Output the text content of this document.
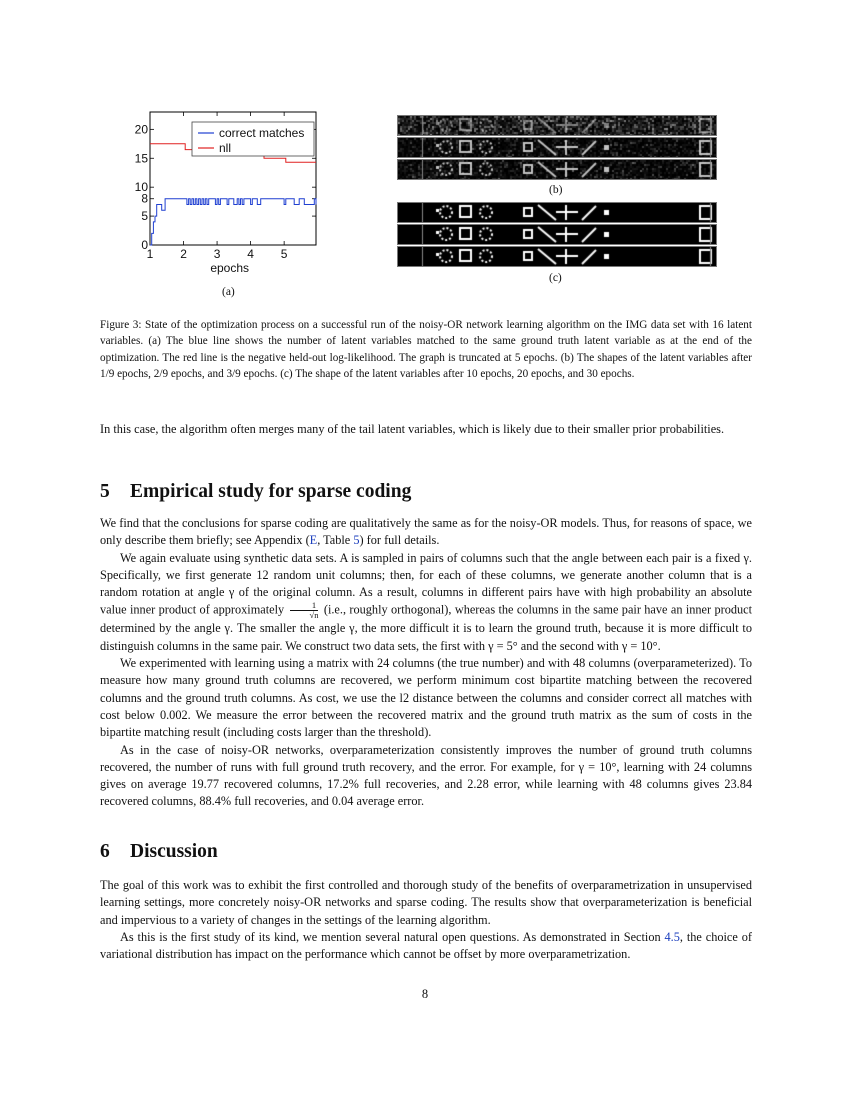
1 2 3 4 5
0
5
8
10
15
20
epochs
correct matches
nll
(a)
(b)
(c)

Figure 3: State of the optimization process on a successful run of the noisy-OR network learning algorithm on the IMG data set with 16 latent variables. (a) The blue line shows the number of latent variables matched to the same ground truth latent variable as at the end of the optimization. The red line is the negative held-out log-likelihood. The graph is truncated at 5 epochs. (b) The shapes of the latent variables after 1/9 epochs, 2/9 epochs, and 3/9 epochs. (c) The shape of the latent variables after 10 epochs, 20 epochs, and 30 epochs.

In this case, the algorithm often merges many of the tail latent variables, which is likely due to their smaller prior probabilities.

5 Empirical study for sparse coding

We find that the conclusions for sparse coding are qualitatively the same as for the noisy-OR models. Thus, for reasons of space, we only describe them briefly; see Appendix (E, Table 5) for full details.

We again evaluate using synthetic data sets. A is sampled in pairs of columns such that the angle between each pair is a fixed γ. Specifically, we first generate 12 random unit columns; then, for each of these columns, we generate another column that is a random rotation at angle γ of the original column. As a result, columns in different pairs have with high probability an absolute value inner product of approximately $\frac{1}{√n} (i.e$., roughly orthogonal), whereas the columns in the same pair have an inner product determined by the angle γ. The smaller the angle γ, the more difficult it is to learn the ground truth, because it is more difficult to distinguish columns in the same pair. We construct two data sets, the first with γ = 5° and the second with γ = 10°.

We experimented with learning using a matrix with 24 columns (the true number) and with 48 columns (overparameterized). To measure how many ground truth columns are recovered, we perform minimum cost bipartite matching between the recovered columns and the ground truth columns. As cost, we use the l2 distance between the columns and consider correct all matches with cost below 0.002. We measure the error between the recovered matrix and the ground truth matrix as the sum of costs in the bipartite matching result (including costs larger than the threshold).

As in the case of noisy-OR networks, overparameterization consistently improves the number of ground truth columns recovered, the number of runs with full ground truth recovery, and the error. For example, for γ = 10°, learning with 24 columns gives on average 19.77 recovered columns, 17.2% full recoveries, and 2.28 error, while learning with 48 columns gives 23.84 recovered columns, 88.4% full recoveries, and 0.04 average error.

6 Discussion

The goal of this work was to exhibit the first controlled and thorough study of the benefits of overparametrization in unsupervised learning settings, more concretely noisy-OR networks and sparse coding. The results show that overparameterization is beneficial and impervious to a variety of changes in the settings of the learning algorithm.

As this is the first study of its kind, we mention several natural open questions. As demonstrated in Section 4.5, the choice of variational distribution has impact on the performance which cannot be offset by more overparametrization.

8
